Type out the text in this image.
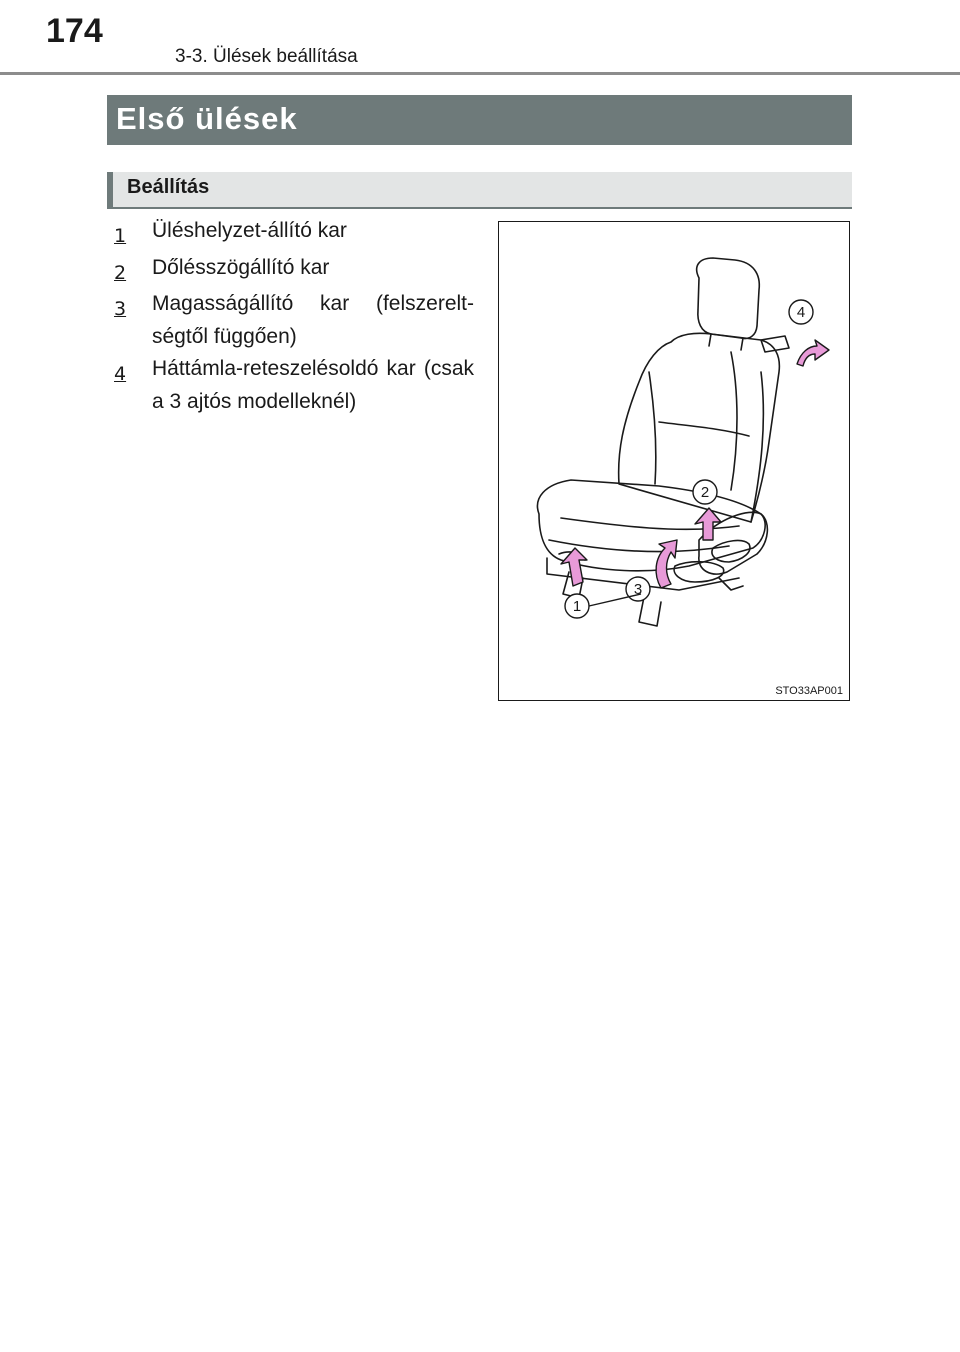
174
3-3. Ülések beállítása
Első ülések
Beállítás
1	Üléshelyzet-állító kar
2	Dőlésszögállító kar
3	Magasságállító kar (felszerelt-ségtől függően)
4	Háttámla-reteszelésoldó kar (csak a 3 ajtós modelleknél)
1
2
3
4
STO33AP001
